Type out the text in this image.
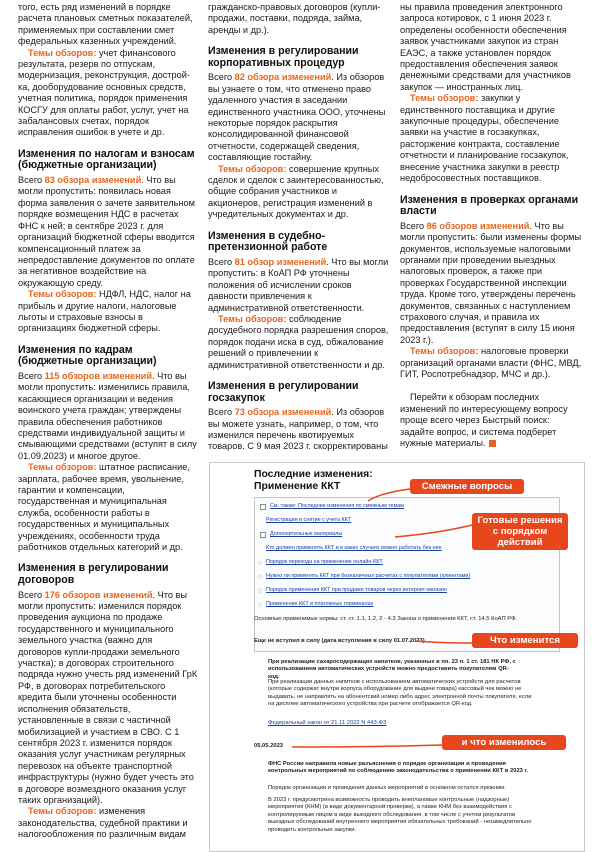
того, есть ряд изменений в порядке расчета плановых сметных показателей, применяемых при составлении смет федеральных казенных учреждений.

Темы обзоров: учет финансового результата, резерв по отпускам, модернизация, реконструкция, достройка, дооборудование основных средств, учетная политика, порядок применения КОСГУ для оплаты работ, услуг, учет на забалансовых счетах, порядок исправления ошибок в учете и др.

Изменения по налогам и взносам (бюджетные организации)

Всего 83 обзора изменений. Что вы могли пропустить: появилась новая форма заявления о зачете заявительном порядке возмещения НДС в расчетах ФНС к ней; в сентябре 2023 г. для организаций бюджетной сферы вводится компенсационный платеж за непредоставление документов по оплате за негативное воздействие на окружающую среду.

Темы обзоров: НДФЛ, НДС, налог на прибыль и другие налоги, налоговые льготы и страховые взносы в организациях бюджетной сферы.

Изменения по кадрам (бюджетные организации)

Всего 115 обзоров изменений. Что вы могли пропустить: изменились правила, касающиеся организации и ведения воинского учета граждан; утверждены правила обеспечения работников средствами индивидуальной защиты и смывающими средствами (вступят в силу 01.09.2023) и многое другое.

Темы обзоров: штатное расписание, зарплата, рабочее время, увольнение, гарантии и компенсации, государственная и муниципальная служба, особенности работы в государственных и муниципальных учреждениях, особенности труда работников отдельных категорий и др.

Изменения в регулировании договоров

Всего 176 обзоров изменений. Что вы могли пропустить: изменился порядок проведения аукциона по продаже государственного и муниципального земельного участка (важно для договоров купли-продажи земельного участка); в договорах строительного подряда нужно учесть ряд изменений ГрК РФ, в договорах потребительского кредита были уточнены особенности исполнения обязательств, установленные в связи с частичной мобилизацией и участием в СВО. С 1 сентября 2023 г. изменится порядок оказания услуг участникам регулярных перевозок на объекте транспортной инфраструктуры (нужно будет учесть это в договоре возмездного оказания услуг таких организаций).

Темы обзоров: изменения законодательства, судебной практики и налогообложения по различным видам

гражданско-правовых договоров (купли-продажи, поставки, подряда, займа, аренды и др.).

Изменения в регулировании корпоративных процедур

Всего 82 обзора изменений. Из обзоров вы узнаете о том, что отменено право удаленного участия в заседании единственного участника ООО, уточнены некоторые порядок раскрытия консолидированной финансовой отчетности, содержащей сведения, составляющие гостайну.

Темы обзоров: совершение крупных сделок и сделок с заинтересованностью, общие собрания участников и акционеров, регистрация изменений в учредительных документах и др.

Изменения в судебно-претензионной работе

Всего 81 обзор изменений. Что вы могли пропустить: в КоАП РФ уточнены положения об исчислении сроков давности привлечения к административной ответственности.

Темы обзоров: соблюдение досудебного порядка разрешения споров, порядок подачи иска в суд, обжалование решений о привлечении к административной ответственности и др.

Изменения в регулировании госзакупок

Всего 73 обзора изменений. Из обзоров вы можете узнать, например, о том, что изменился перечень квотируемых товаров. С 9 мая 2023 г. скорректированы

ны правила проведения электронного запроса котировок, с 1 июня 2023 г. определены особенности обеспечения заявок участниками закупок из стран ЕАЭС, а также установлен порядок предоставления обеспечения заявок денежными средствами для участников закупок — иностранных лиц.

Темы обзоров: закупки у единственного поставщика и другие закупочные процедуры, обеспечение заявки на участие в госзакупках, расторжение контракта, составление отчетности и планирование госзакупок, внесение участника закупки в реестр недобросовестных поставщиков.

Изменения в проверках органами власти

Всего 86 обзоров изменений. Что вы могли пропустить: были изменены формы документов, используемые налоговыми органами при проведении выездных налоговых проверок, а также при проверках Государственной инспекции труда. Кроме того, утверждены перечень документов, связанных с наступлением страхового случая, и правила их предоставления (вступят в силу 15 июня 2023 г.).

Темы обзоров: налоговые проверки организаций органами власти (ФНС, МВД, ГИТ, Роспотребнадзор, МЧС и др.).

Перейти к обзорам последних изменений по интересующему вопросу проще всего через Быстрый поиск: задайте вопрос, и система подберет нужные материалы.

Последние изменения:
Применение ККТ
См. также: Последние изменения по смежным темам
Регистрация и снятие с учета ККТ
Дополнительные материалы
Кто должен применять ККТ и в каких случаях можно работать без нее
☆ Порядок перехода на применение онлайн-ККТ
☆ Нужно ли применять ККТ при безналичных расчетах с покупателями (клиентами)
☆ Порядок применения ККТ при продаже товаров через интернет-магазин
☆ Применение ККТ в платежных терминалах
Основные применимые нормы: ст. ст. 1.1, 1.2, 2 - 4.3 Закона о применении ККТ, ст. 14.5 КоАП РФ.
Еще не вступил в силу (дата вступления в силу 01.07.2023)
При реализации сахаросодержащих напитков, указанных в пп. 23 п. 1 ст. 181 НК РФ, с использованием автоматических устройств можно предоставить покупателям QR-код.
При реализации данных напитков с использованием автоматических устройств для расчетов (которые содержат внутри корпуса оборудование для выдачи товара) кассовый чек можно не выдавать, не направлять на абонентский номер либо адрес электронной почты покупателя, если на дисплее автоматического устройства при расчете отображается QR-код.
Федеральный закон от 21.11.2022 N 443-ФЗ
05.05.2023
ФНС России направила новые разъяснения о порядке организации и проведения контрольных мероприятий по соблюдению законодательства о применении ККТ в 2023 г.
Порядок организации и проведения данных мероприятий в основном остался прежним.
В 2023 г. предусмотрена возможность проводить внеплановые контрольные (надзорные) мероприятия (КНМ) (в виде документарной проверки), а также КНМ без взаимодействия с контролируемым лицом в виде выездного обследования, в том числе с учетом результатов выездных обследований внутреннего мероприятия обязательных требований - незамедлительно проводить контрольные закупки.
Смежные вопросы
Готовые решения с порядком действий
Что изменится
и что изменилось
